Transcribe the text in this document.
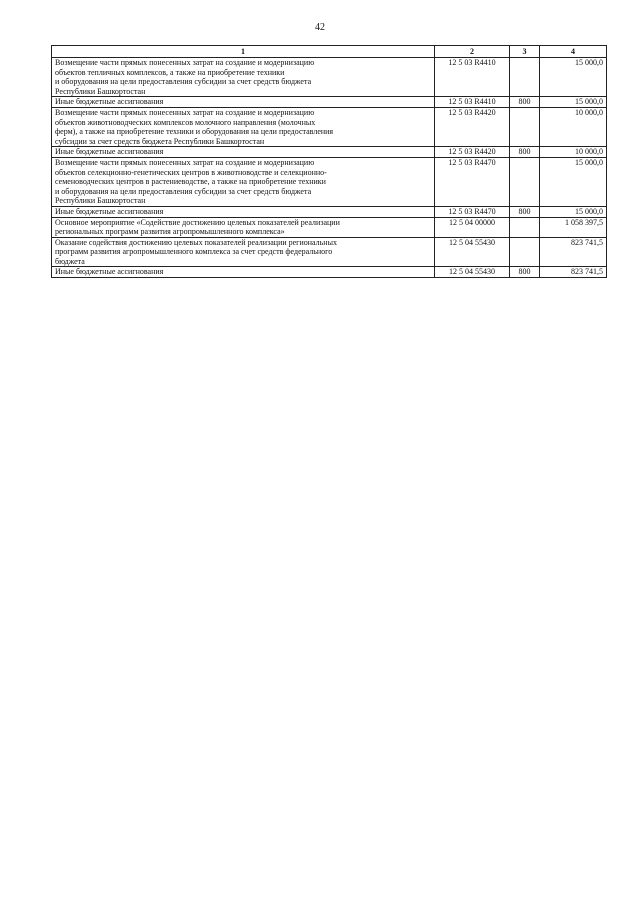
42
1	2	3	4

Возмещение части прямых понесенных затрат на создание и модернизацию
объектов тепличных комплексов, а также на приобретение техники
и оборудования на цели предоставления субсидии за счет средств бюджета
Республики Башкортостан	12 5 03 R4410		15 000,0

Иные бюджетные ассигнования	12 5 03 R4410	800	15 000,0

Возмещение части прямых понесенных затрат на создание и модернизацию
объектов животноводческих комплексов молочного направления (молочных
ферм), а также на приобретение техники и оборудования на цели предоставления
субсидии за счет средств бюджета Республики Башкортостан	12 5 03 R4420		10 000,0

Иные бюджетные ассигнования	12 5 03 R4420	800	10 000,0

Возмещение части прямых понесенных затрат на создание и модернизацию
объектов селекционно-генетических центров в животноводстве и селекционно-
семеноводческих центров в растениеводстве, а также на приобретение техники
и оборудования на цели предоставления субсидии за счет средств бюджета
Республики Башкортостан	12 5 03 R4470		15 000,0

Иные бюджетные ассигнования	12 5 03 R4470	800	15 000,0

Основное мероприятие «Содействие достижению целевых показателей реализации
региональных программ развития агропромышленного комплекса»	12 5 04 00000		1 058 397,5

Оказание содействия достижению целевых показателей реализации региональных
программ развития агропромышленного комплекса за счет средств федерального
бюджета	12 5 04 55430		823 741,5

Иные бюджетные ассигнования	12 5 04 55430	800	823 741,5
